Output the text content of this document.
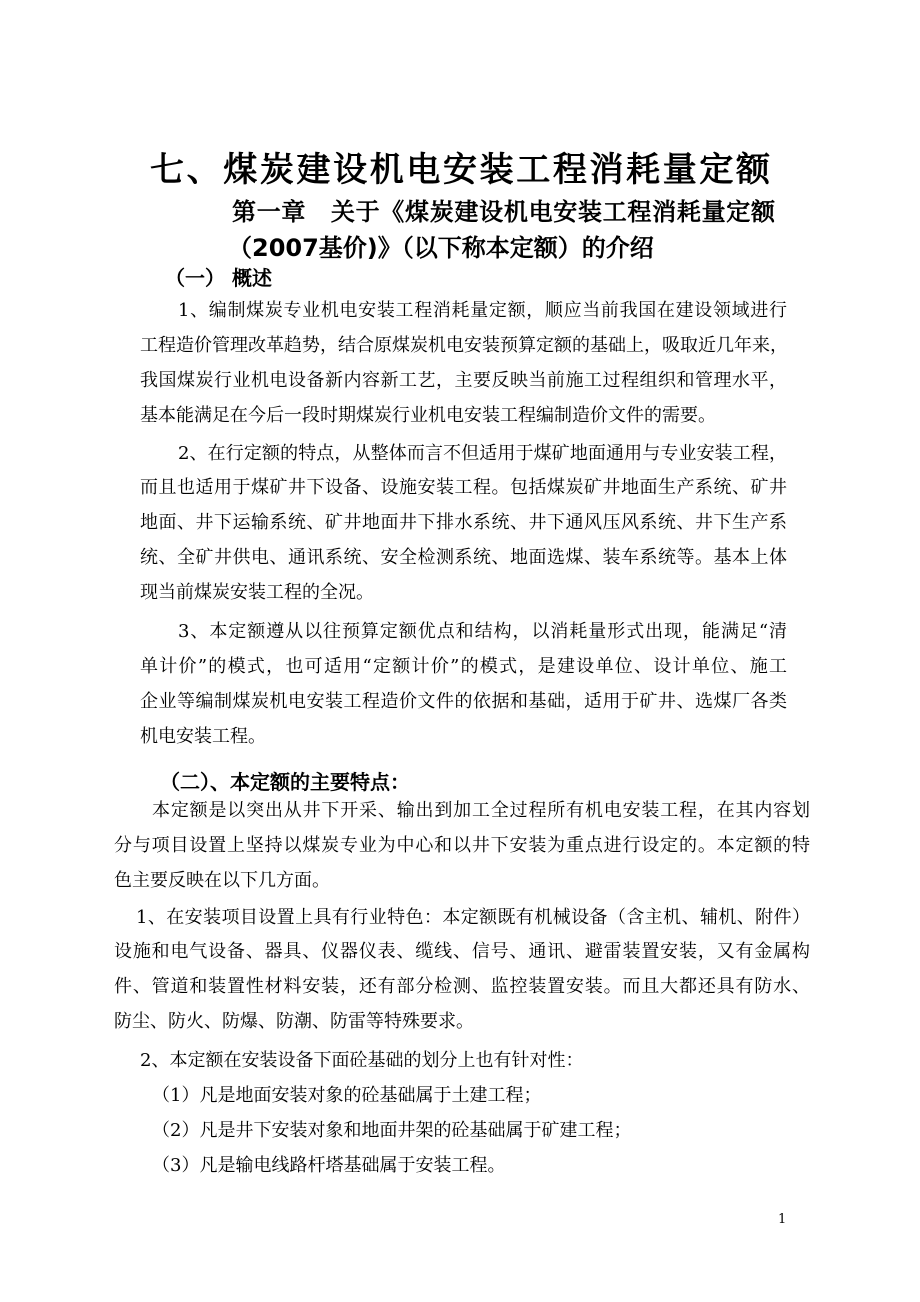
七、煤炭建设机电安装工程消耗量定额
第一章　关于《煤炭建设机电安装工程消耗量定额
（2007基价)》（以下称本定额）的介绍
（一） 概述
1、编制煤炭专业机电安装工程消耗量定额，顺应当前我国在建设领域进行
工程造价管理改革趋势，结合原煤炭机电安装预算定额的基础上，吸取近几年来，
我国煤炭行业机电设备新内容新工艺，主要反映当前施工过程组织和管理水平，
基本能满足在今后一段时期煤炭行业机电安装工程编制造价文件的需要。
2、在行定额的特点，从整体而言不但适用于煤矿地面通用与专业安装工程，
而且也适用于煤矿井下设备、设施安装工程。包括煤炭矿井地面生产系统、矿井
地面、井下运输系统、矿井地面井下排水系统、井下通风压风系统、井下生产系
统、全矿井供电、通讯系统、安全检测系统、地面选煤、装车系统等。基本上体
现当前煤炭安装工程的全况。
3、本定额遵从以往预算定额优点和结构，以消耗量形式出现，能满足“清
单计价”的模式，也可适用“定额计价”的模式，是建设单位、设计单位、施工
企业等编制煤炭机电安装工程造价文件的依据和基础，适用于矿井、选煤厂各类
机电安装工程。
（二）、本定额的主要特点：
本定额是以突出从井下开采、输出到加工全过程所有机电安装工程，在其内容划
分与项目设置上坚持以煤炭专业为中心和以井下安装为重点进行设定的。本定额的特
色主要反映在以下几方面。
1、在安装项目设置上具有行业特色：本定额既有机械设备（含主机、辅机、附件）
设施和电气设备、器具、仪器仪表、缆线、信号、通讯、避雷装置安装，又有金属构
件、管道和装置性材料安装，还有部分检测、监控装置安装。而且大都还具有防水、
防尘、防火、防爆、防潮、防雷等特殊要求。
2、本定额在安装设备下面砼基础的划分上也有针对性：
（1）凡是地面安装对象的砼基础属于土建工程；
（2）凡是井下安装对象和地面井架的砼基础属于矿建工程；
（3）凡是输电线路杆塔基础属于安装工程。
1
